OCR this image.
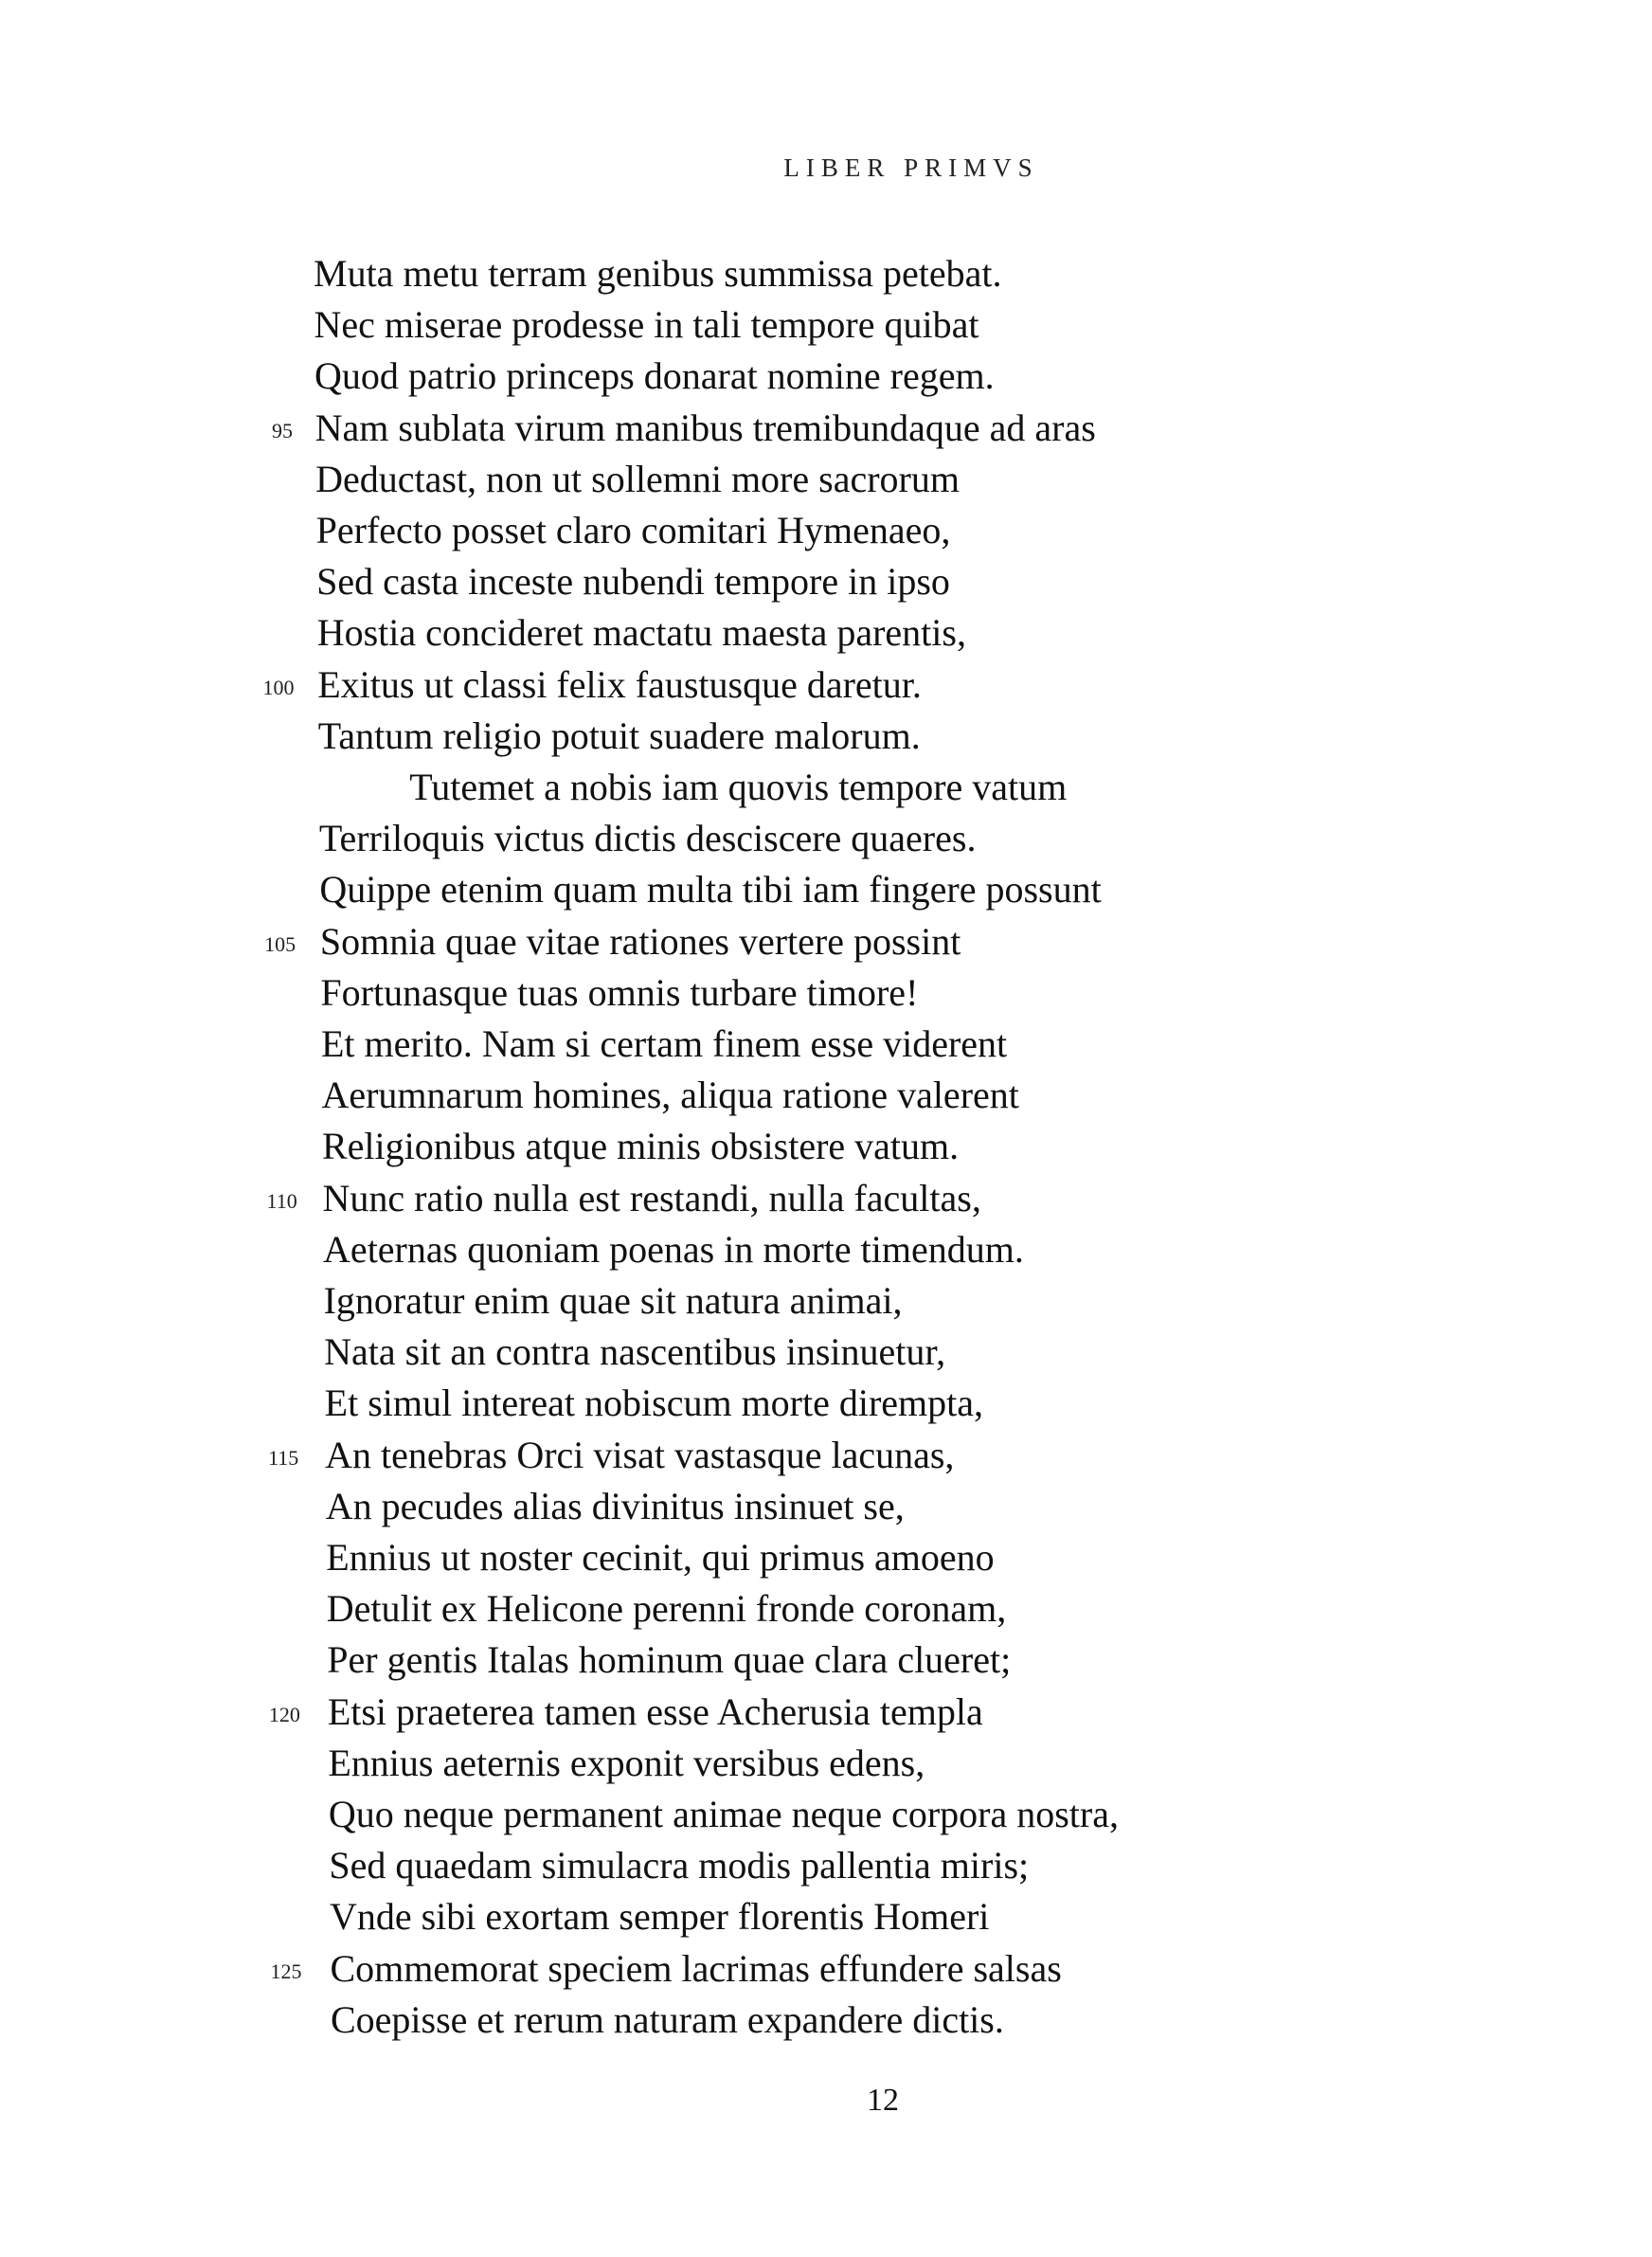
LIBER PRIMVS
Muta metu terram genibus summissa petebat.
Nec miserae prodesse in tali tempore quibat
Quod patrio princeps donarat nomine regem.
95 Nam sublata virum manibus tremibundaque ad aras
Deductast, non ut sollemni more sacrorum
Perfecto posset claro comitari Hymenaeo,
Sed casta inceste nubendi tempore in ipso
Hostia concideret mactatu maesta parentis,
100 Exitus ut classi felix faustusque daretur.
Tantum religio potuit suadere malorum.
Tutemet a nobis iam quovis tempore vatum
Terriloquis victus dictis desciscere quaeres.
Quippe etenim quam multa tibi iam fingere possunt
105 Somnia quae vitae rationes vertere possint
Fortunasque tuas omnis turbare timore!
Et merito. Nam si certam finem esse viderent
Aerumnarum homines, aliqua ratione valerent
Religionibus atque minis obsistere vatum.
110 Nunc ratio nulla est restandi, nulla facultas,
Aeternas quoniam poenas in morte timendum.
Ignoratur enim quae sit natura animai,
Nata sit an contra nascentibus insinuetur,
Et simul intereat nobiscum morte dirempta,
115 An tenebras Orci visat vastasque lacunas,
An pecudes alias divinitus insinuet se,
Ennius ut noster cecinit, qui primus amoeno
Detulit ex Helicone perenni fronde coronam,
Per gentis Italas hominum quae clara clueret;
120 Etsi praeterea tamen esse Acherusia templa
Ennius aeternis exponit versibus edens,
Quo neque permanent animae neque corpora nostra,
Sed quaedam simulacra modis pallentia miris;
Vnde sibi exortam semper florentis Homeri
125 Commemorat speciem lacrimas effundere salsas
Coepisse et rerum naturam expandere dictis.
12
